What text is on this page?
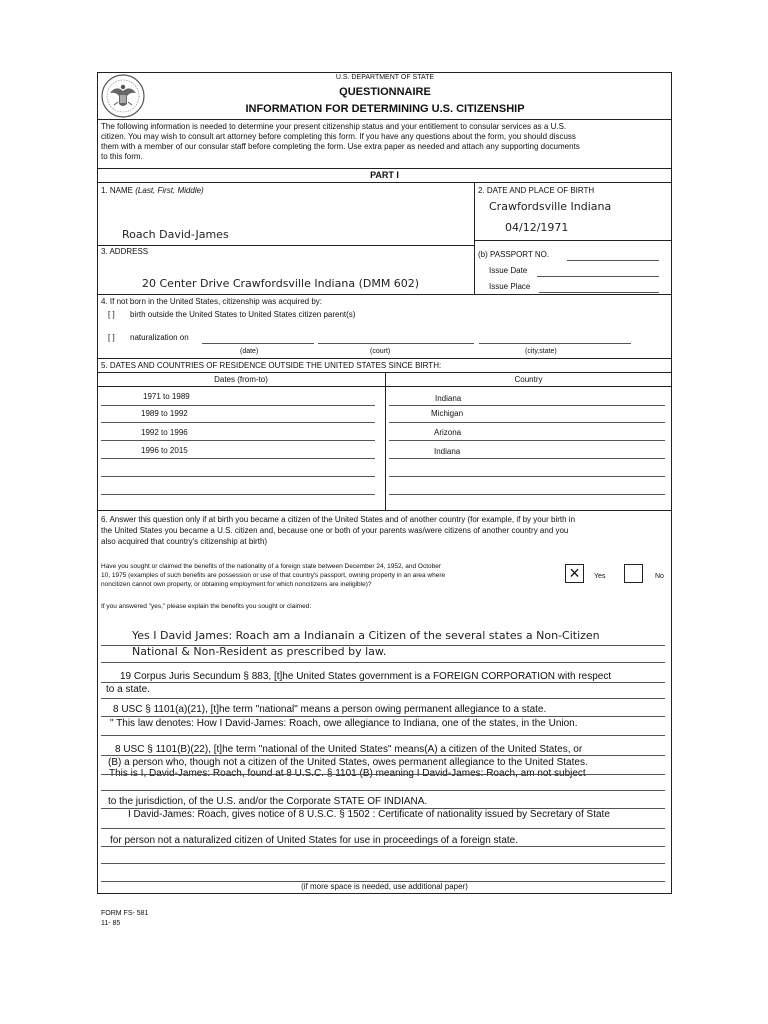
U.S. DEPARTMENT OF STATE
QUESTIONNAIRE
INFORMATION FOR DETERMINING U.S. CITIZENSHIP
The following information is needed to determine your present citizenship status and your entitlement to consular services as a U.S.
citizen. You may wish to consult art attorney before completing this form. If you have any questions about the form, you should discuss
them with a member of our consular staff before completing the form. Use extra paper as needed and attach any supporting documents
to this form.
PART I
1. NAME (Last, First, Middle)
Roach David-James
2. DATE AND PLACE OF BIRTH
Crawfordsville Indiana
04/12/1971
3. ADDRESS
20 Center Drive Crawfordsville Indiana (DMM 602)
(b) PASSPORT NO.
Issue Date
Issue Place
4. If not born in the United States, citizenship was acquired by:
[ ] birth outside the United States to United States citizen parent(s)
[ ] naturalization on
(date)	(court)	(city,state)
5. DATES AND COUNTRIES OF RESIDENCE OUTSIDE THE UNITED STATES SINCE BIRTH:
Dates (from-to)	Country
1971 to 1989	Indiana
1989 to 1992	Michigan
1992 to 1996	Arizona
1996 to 2015	Indiana
6. Answer this question only if at birth you became a citizen of the United States and of another country (for example, if by your birth in
the United States you became a U.S. citizen and, because one or both of your parents was/were citizens of another country and you
also acquired that country's citizenship at birth)
Have you sought or claimed the benefits of the nationality of a foreign state between December 24, 1952, and October
10, 1975 (examples of such benefits are possession or use of that country's passport, owning property in an area where
noncitizen cannot own property, or obtaining employment for which noncitizens are ineligible)?
×	Yes	No
If you answered "yes," please explain the benefits you sought or claimed:
Yes I David James: Roach am a Indianain a Citizen of the several states a Non-Citizen
National & Non-Resident as prescribed by law.
19 Corpus Juris Secundum § 883, [t]he United States government is a FOREIGN CORPORATION with respect
to a state.
8 USC § 1101(a)(21), [t]he term "national" means a person owing permanent allegiance to a state.
" This law denotes: How I David-James: Roach, owe allegiance to Indiana, one of the states, in the Union.
8 USC § 1101(B)(22), [t]he term "national of the United States" means(A) a citizen of the United States, or
(B) a person who, though not a citizen of the United States, owes permanent allegiance to the United States.
This is I, David-James: Roach, found at 8 U.S.C. § 1101 (B) meaning I David-James: Roach, am not subject
to the jurisdiction, of the U.S. and/or the Corporate STATE OF INDIANA.
I David-James: Roach, gives notice of 8 U.S.C. § 1502 : Certificate of nationality issued by Secretary of State
for person not a naturalized citizen of United States for use in proceedings of a foreign state.
(if more space is needed, use additional paper)
FORM FS- 581
11- 85
